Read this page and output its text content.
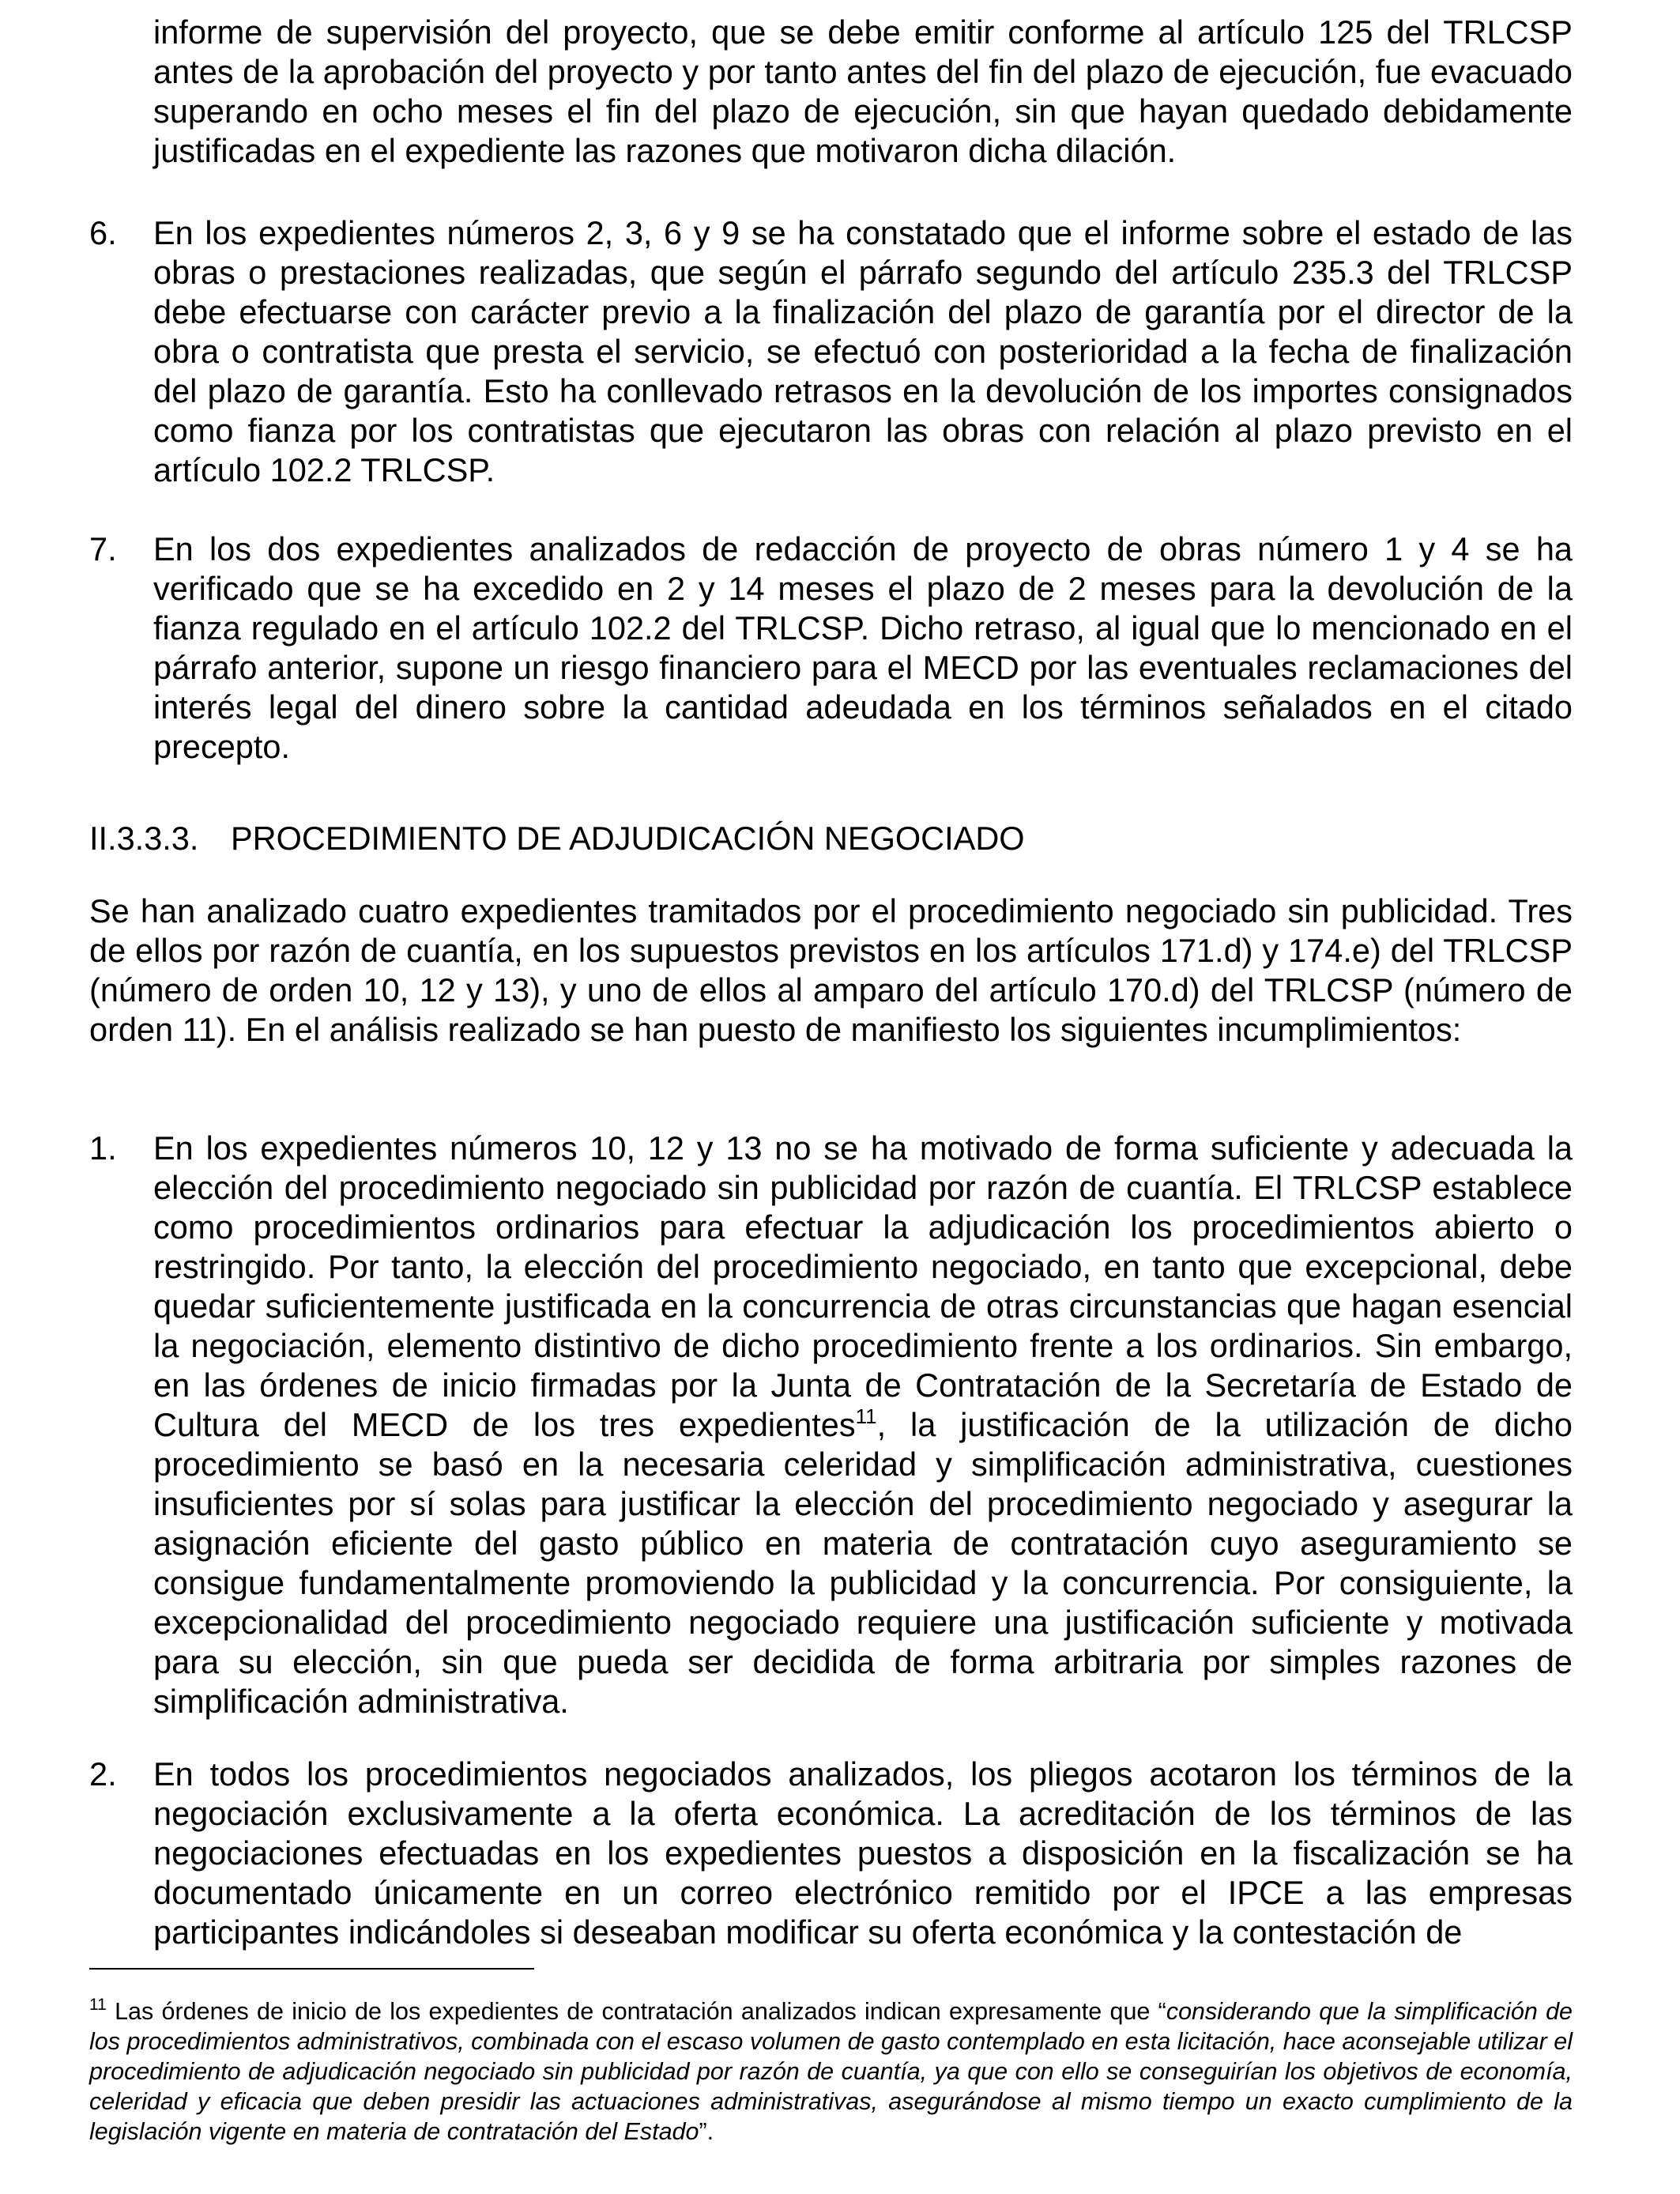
informe de supervisión del proyecto, que se debe emitir conforme al artículo 125 del TRLCSP antes de la aprobación del proyecto y por tanto antes del fin del plazo de ejecución, fue evacuado superando en ocho meses el fin del plazo de ejecución, sin que hayan quedado debidamente justificadas en el expediente las razones que motivaron dicha dilación.

6.	En los expedientes números 2, 3, 6 y 9 se ha constatado que el informe sobre el estado de las obras o prestaciones realizadas, que según el párrafo segundo del artículo 235.3 del TRLCSP debe efectuarse con carácter previo a la finalización del plazo de garantía por el director de la obra o contratista que presta el servicio, se efectuó con posterioridad a la fecha de finalización del plazo de garantía. Esto ha conllevado retrasos en la devolución de los importes consignados como fianza por los contratistas que ejecutaron las obras con relación al plazo previsto en el artículo 102.2 TRLCSP.

7.	En los dos expedientes analizados de redacción de proyecto de obras número 1 y 4 se ha verificado que se ha excedido en 2 y 14 meses el plazo de 2 meses para la devolución de la fianza regulado en el artículo 102.2 del TRLCSP. Dicho retraso, al igual que lo mencionado en el párrafo anterior, supone un riesgo financiero para el MECD por las eventuales reclamaciones del interés legal del dinero sobre la cantidad adeudada en los términos señalados en el citado precepto.

II.3.3.3. PROCEDIMIENTO DE ADJUDICACIÓN NEGOCIADO

Se han analizado cuatro expedientes tramitados por el procedimiento negociado sin publicidad. Tres de ellos por razón de cuantía, en los supuestos previstos en los artículos 171.d) y 174.e) del TRLCSP (número de orden 10, 12 y 13), y uno de ellos al amparo del artículo 170.d) del TRLCSP (número de orden 11). En el análisis realizado se han puesto de manifiesto los siguientes incumplimientos:

1.	En los expedientes números 10, 12 y 13 no se ha motivado de forma suficiente y adecuada la elección del procedimiento negociado sin publicidad por razón de cuantía. El TRLCSP establece como procedimientos ordinarios para efectuar la adjudicación los procedimientos abierto o restringido. Por tanto, la elección del procedimiento negociado, en tanto que excepcional, debe quedar suficientemente justificada en la concurrencia de otras circunstancias que hagan esencial la negociación, elemento distintivo de dicho procedimiento frente a los ordinarios. Sin embargo, en las órdenes de inicio firmadas por la Junta de Contratación de la Secretaría de Estado de Cultura del MECD de los tres expedientes$^{11}$, la justificación de la utilización de dicho procedimiento se basó en la necesaria celeridad y simplificación administrativa, cuestiones insuficientes por sí solas para justificar la elección del procedimiento negociado y asegurar la asignación eficiente del gasto público en materia de contratación cuyo aseguramiento se consigue fundamentalmente promoviendo la publicidad y la concurrencia. Por consiguiente, la excepcionalidad del procedimiento negociado requiere una justificación suficiente y motivada para su elección, sin que pueda ser decidida de forma arbitraria por simples razones de simplificación administrativa.

2.	En todos los procedimientos negociados analizados, los pliegos acotaron los términos de la negociación exclusivamente a la oferta económica. La acreditación de los términos de las negociaciones efectuadas en los expedientes puestos a disposición en la fiscalización se ha documentado únicamente en un correo electrónico remitido por el IPCE a las empresas participantes indicándoles si deseaban modificar su oferta económica y la contestación de

$^{11}$ Las órdenes de inicio de los expedientes de contratación analizados indican expresamente que “considerando que la simplificación de los procedimientos administrativos, combinada con el escaso volumen de gasto contemplado en esta licitación, hace aconsejable utilizar el procedimiento de adjudicación negociado sin publicidad por razón de cuantía, ya que con ello se conseguirían los objetivos de economía, celeridad y eficacia que deben presidir las actuaciones administrativas, asegurándose al mismo tiempo un exacto cumplimiento de la legislación vigente en materia de contratación del Estado”.
